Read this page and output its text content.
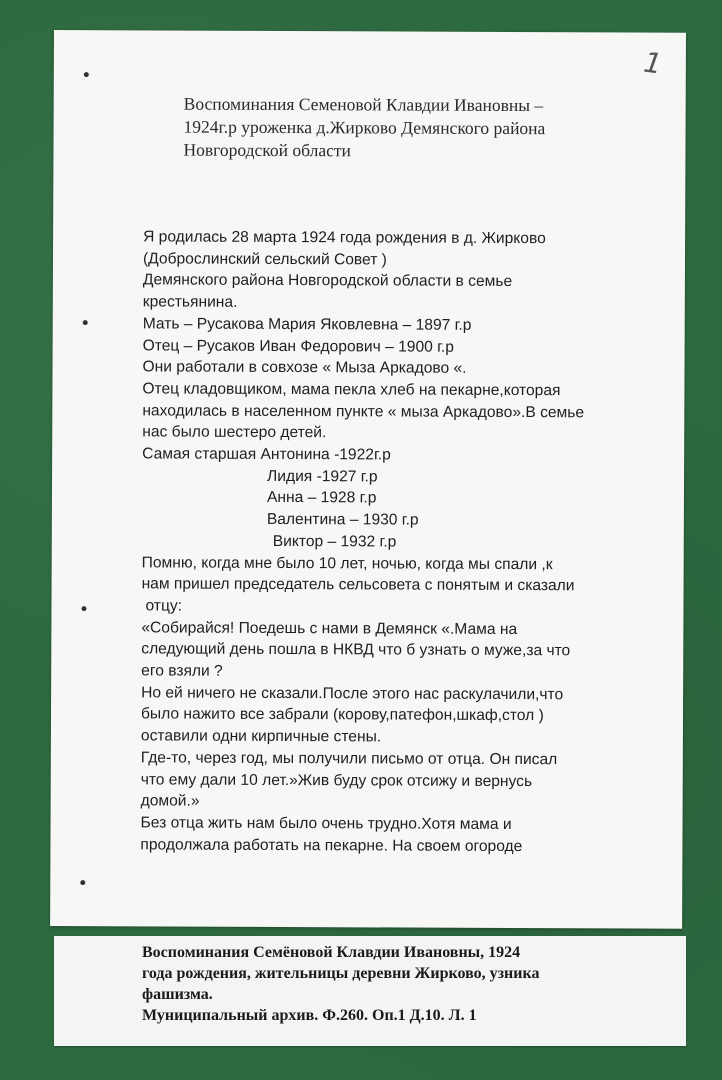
1
Воспоминания Семеновой Клавдии Ивановны –
1924г.р уроженка д.Жирково Демянского района
Новгородской области
Я родилась 28 марта 1924 года рождения в д. Жирково
(Доброслинский сельский Совет )
Демянского района Новгородской области в семье
крестьянина.
Мать – Русакова Мария Яковлевна – 1897 г.р
Отец – Русаков Иван Федорович – 1900 г.р
Они работали в совхозе « Мыза Аркадово «.
Отец кладовщиком, мама пекла хлеб на пекарне,которая
находилась в населенном пункте « мыза Аркадово».В семье
нас было шестеро детей.
Самая старшая Антонина -1922г.р
Лидия -1927 г.р
Анна – 1928 г.р
Валентина – 1930 г.р
Виктор – 1932 г.р
Помню, когда мне было 10 лет, ночью, когда мы спали ,к
нам пришел председатель сельсовета с понятым и сказали
отцу:
«Собирайся! Поедешь с нами в Демянск «.Мама на
следующий день пошла в НКВД что б узнать о муже,за что
его взяли ?
Но ей ничего не сказали.После этого нас раскулачили,что
было нажито все забрали (корову,патефон,шкаф,стол )
оставили одни кирпичные стены.
Где-то, через год, мы получили письмо от отца. Он писал
что ему дали 10 лет.»Жив буду срок отсижу и вернусь
домой.»
Без отца жить нам было очень трудно.Хотя мама и
продолжала работать на пекарне. На своем огороде
Воспоминания Семёновой Клавдии Ивановны, 1924
года рождения, жительницы деревни Жирково, узника
фашизма.
Муниципальный архив. Ф.260. Оп.1 Д.10. Л. 1
